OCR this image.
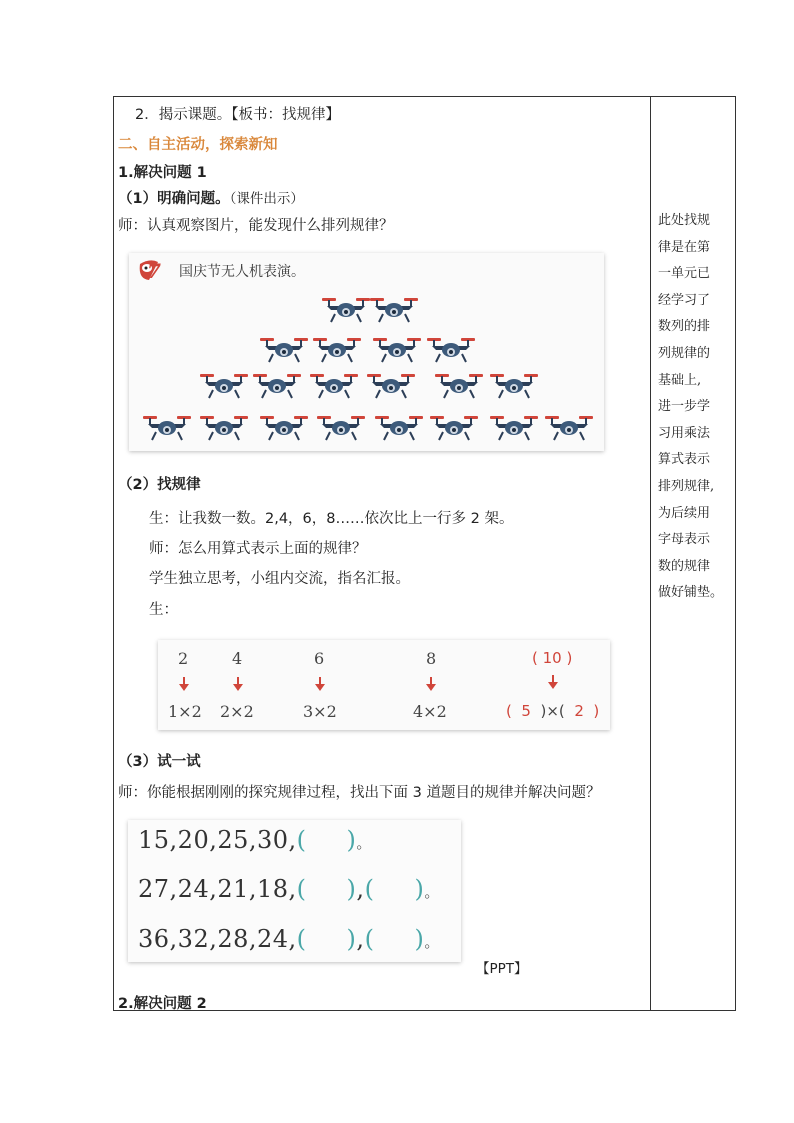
2．揭示课题。【板书：找规律】
二、自主活动，探索新知
1.解决问题 1
（1）明确问题。（课件出示）
师：认真观察图片，能发现什么排列规律？
7 国庆节无人机表演。
（2）找规律
生：让我数一数。2,4，6，8……依次比上一行多 2 架。
师：怎么用算式表示上面的规律？
学生独立思考，小组内交流，指名汇报。
生：
2	4	6	8	( 10 )
1×2 2×2	3×2	4×2	( 5 )×( 2 )
（3）试一试
师：你能根据刚刚的探究规律过程，找出下面 3 道题目的规律并解决问题？
15,20,25,30,( )。
27,24,21,18,( ),( )。
36,32,28,24,( ),( )。
【PPT】
2.解决问题 2
此处找规
律是在第
一单元已
经学习了
数列的排
列规律的
基础上,
进一步学
习用乘法
算式表示
排列规律,
为后续用
字母表示
数的规律
做好铺垫。
